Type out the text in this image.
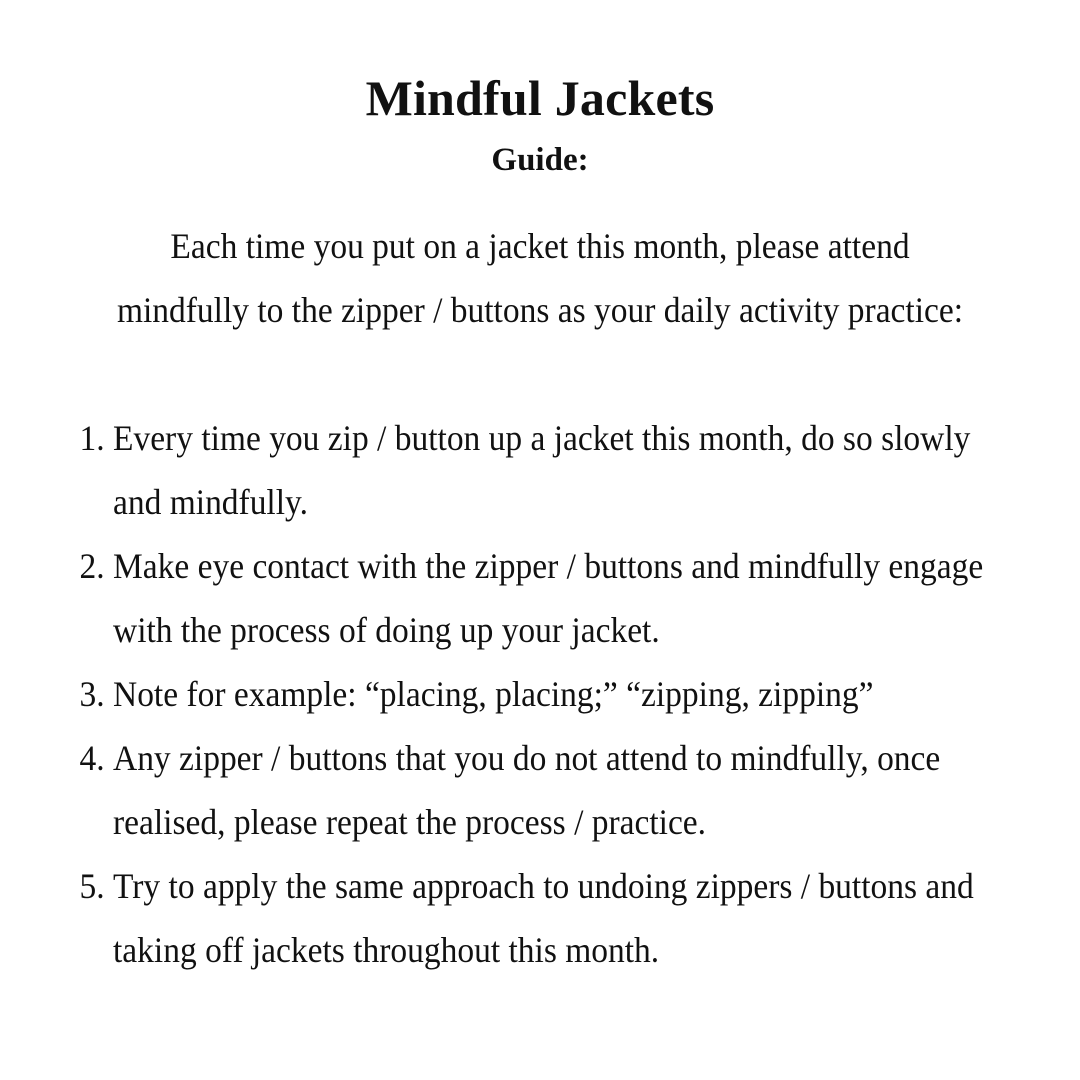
Mindful Jackets
Guide:

Each time you put on a jacket this month, please attend
mindfully to the zipper / buttons as your daily activity practice:

1. Every time you zip / button up a jacket this month, do so slowly and mindfully.
2. Make eye contact with the zipper / buttons and mindfully engage with the process of doing up your jacket.
3. Note for example: “placing, placing;” “zipping, zipping”
4. Any zipper / buttons that you do not attend to mindfully, once realised, please repeat the process / practice.
5. Try to apply the same approach to undoing zippers / buttons and taking off jackets throughout this month.
